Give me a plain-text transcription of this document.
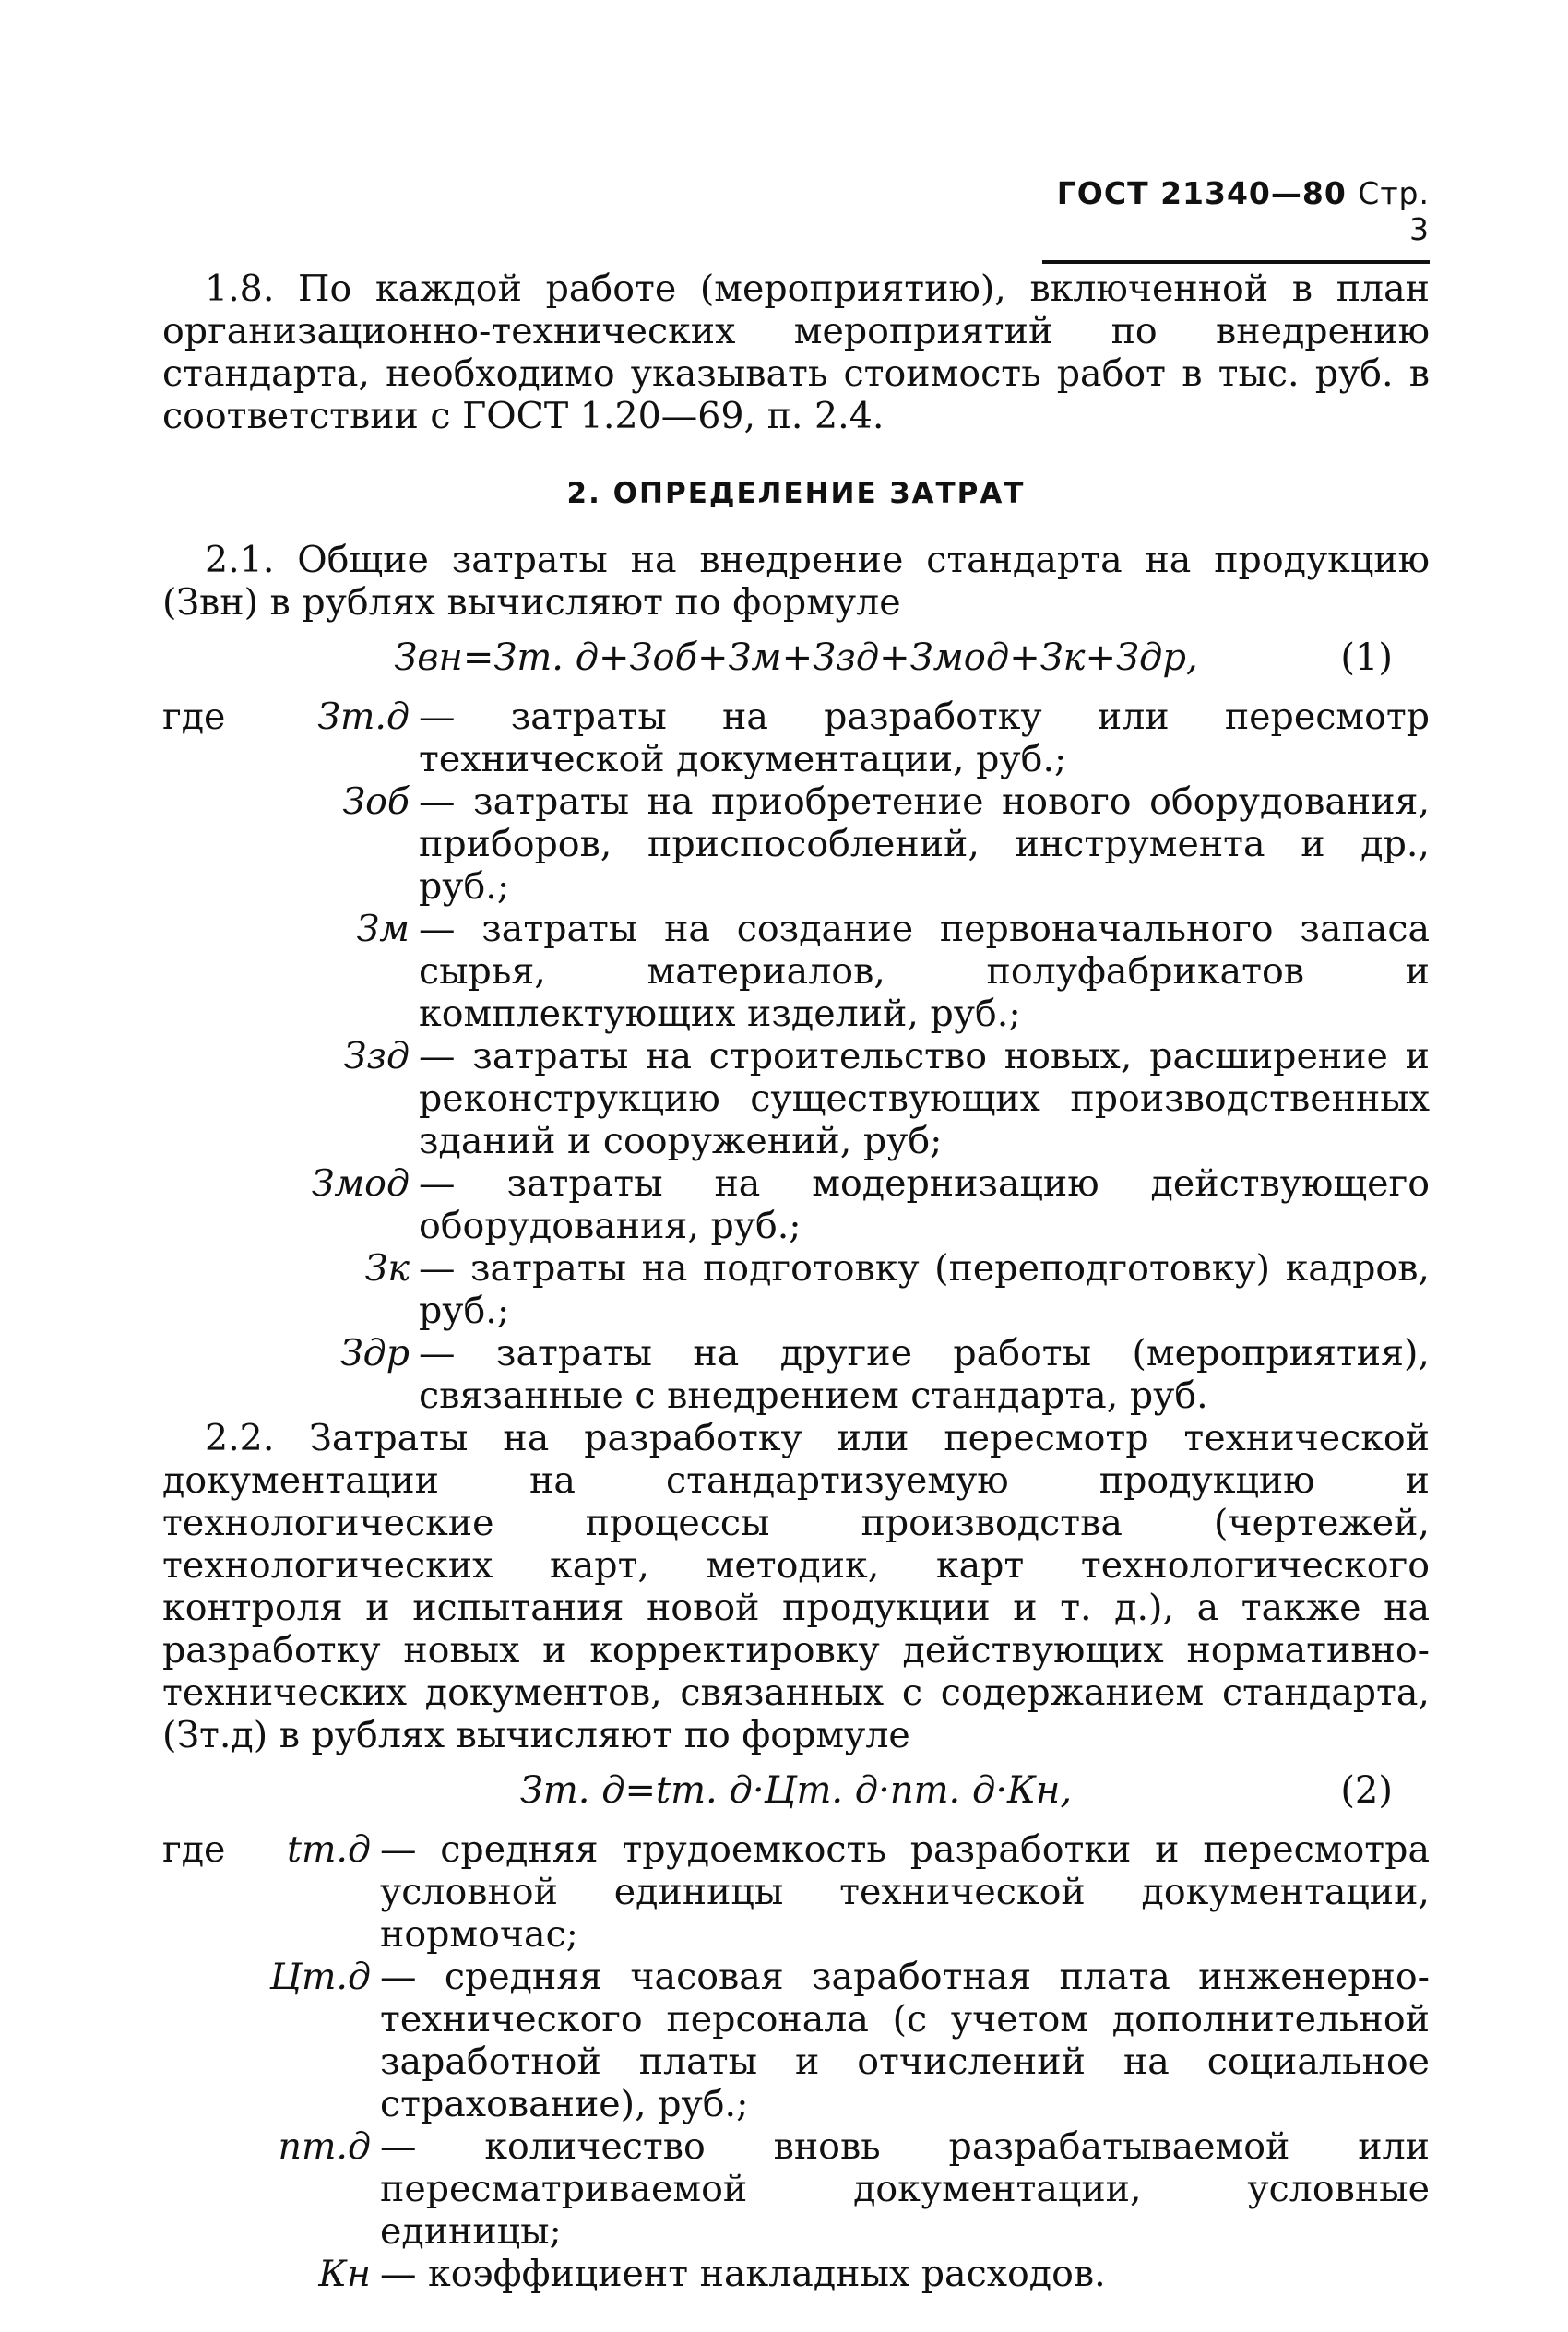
ГОСТ 21340—80 Стр. 3

1.8. По каждой работе (мероприятию), включенной в план организационно-технических мероприятий по внедрению стандарта, необходимо указывать стоимость работ в тыс. руб. в соответствии с ГОСТ 1.20—69, п. 2.4.

2. ОПРЕДЕЛЕНИЕ ЗАТРАТ

2.1. Общие затраты на внедрение стандарта на продукцию (Звн) в рублях вычисляют по формуле

Звн=Зт. д+Зоб+Зм+Ззд+Змод+Зк+Здр,	(1)
где	Зт.д — затраты на разработку или пересмотр технической документации, руб.;
Зоб — затраты на приобретение нового оборудования, приборов, приспособлений, инструмента и др., руб.;
Зм — затраты на создание первоначального запаса сырья, материалов, полуфабрикатов и комплектующих изделий, руб.;
Ззд — затраты на строительство новых, расширение и реконструкцию существующих производственных зданий и сооружений, руб;
Змод — затраты на модернизацию действующего оборудования, руб.;
Зк — затраты на подготовку (переподготовку) кадров, руб.;
Здр — затраты на другие работы (мероприятия), связанные с внедрением стандарта, руб.

2.2. Затраты на разработку или пересмотр технической документации на стандартизуемую продукцию и технологические процессы производства (чертежей, технологических карт, методик, карт технологического контроля и испытания новой продукции и т. д.), а также на разработку новых и корректировку действующих нормативно-технических документов, связанных с содержанием стандарта, (Зт.д) в рублях вычисляют по формуле

Зт. д=tт. д·Цт. д·nт. д·Кн,	(2)
где	tт.д — средняя трудоемкость разработки и пересмотра условной единицы технической документации, нормочас;
Цт.д — средняя часовая заработная плата инженерно-технического персонала (с учетом дополнительной заработной платы и отчислений на социальное страхование), руб.;
nт.д — количество вновь разрабатываемой или пересматриваемой документации, условные единицы;
Кн — коэффициент накладных расходов.
